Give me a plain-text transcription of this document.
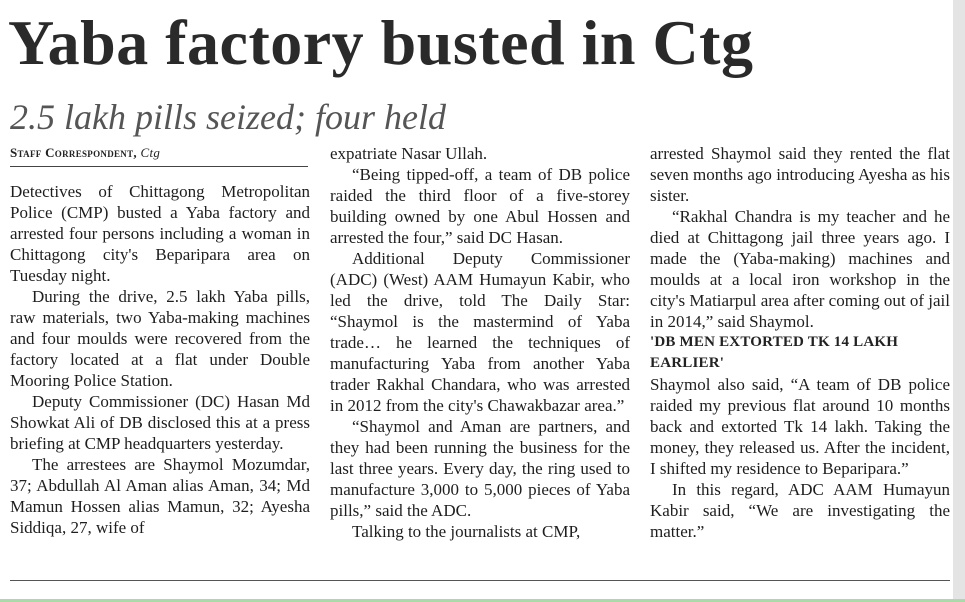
Yaba factory busted in Ctg
2.5 lakh pills seized; four held
Staff Correspondent, Ctg

Detectives of Chittagong Metropolitan Police (CMP) busted a Yaba factory and arrested four persons including a woman in Chittagong city's Beparipara area on Tuesday night.

During the drive, 2.5 lakh Yaba pills, raw materials, two Yaba-making machines and four moulds were recovered from the factory located at a flat under Double Mooring Police Station.

Deputy Commissioner (DC) Hasan Md Showkat Ali of DB disclosed this at a press briefing at CMP headquarters yesterday.

The arrestees are Shaymol Mozumdar, 37; Abdullah Al Aman alias Aman, 34; Md Mamun Hossen alias Mamun, 32; Ayesha Siddiqa, 27, wife of

expatriate Nasar Ullah.

“Being tipped-off, a team of DB police raided the third floor of a five-storey building owned by one Abul Hossen and arrested the four,” said DC Hasan.

Additional Deputy Commissioner (ADC) (West) AAM Humayun Kabir, who led the drive, told The Daily Star: “Shaymol is the mastermind of Yaba trade… he learned the techniques of manufacturing Yaba from another Yaba trader Rakhal Chandara, who was arrested in 2012 from the city's Chawakbazar area.”

“Shaymol and Aman are partners, and they had been running the business for the last three years. Every day, the ring used to manufacture 3,000 to 5,000 pieces of Yaba pills,” said the ADC.

Talking to the journalists at CMP,

arrested Shaymol said they rented the flat seven months ago introducing Ayesha as his sister.

“Rakhal Chandra is my teacher and he died at Chittagong jail three years ago. I made the (Yaba-making) machines and moulds at a local iron workshop in the city's Matiarpul area after coming out of jail in 2014,” said Shaymol.

'DB MEN EXTORTED TK 14 LAKH EARLIER'

Shaymol also said, “A team of DB police raided my previous flat around 10 months back and extorted Tk 14 lakh. Taking the money, they released us. After the incident, I shifted my residence to Beparipara.”

In this regard, ADC AAM Humayun Kabir said, “We are investigating the matter.”
